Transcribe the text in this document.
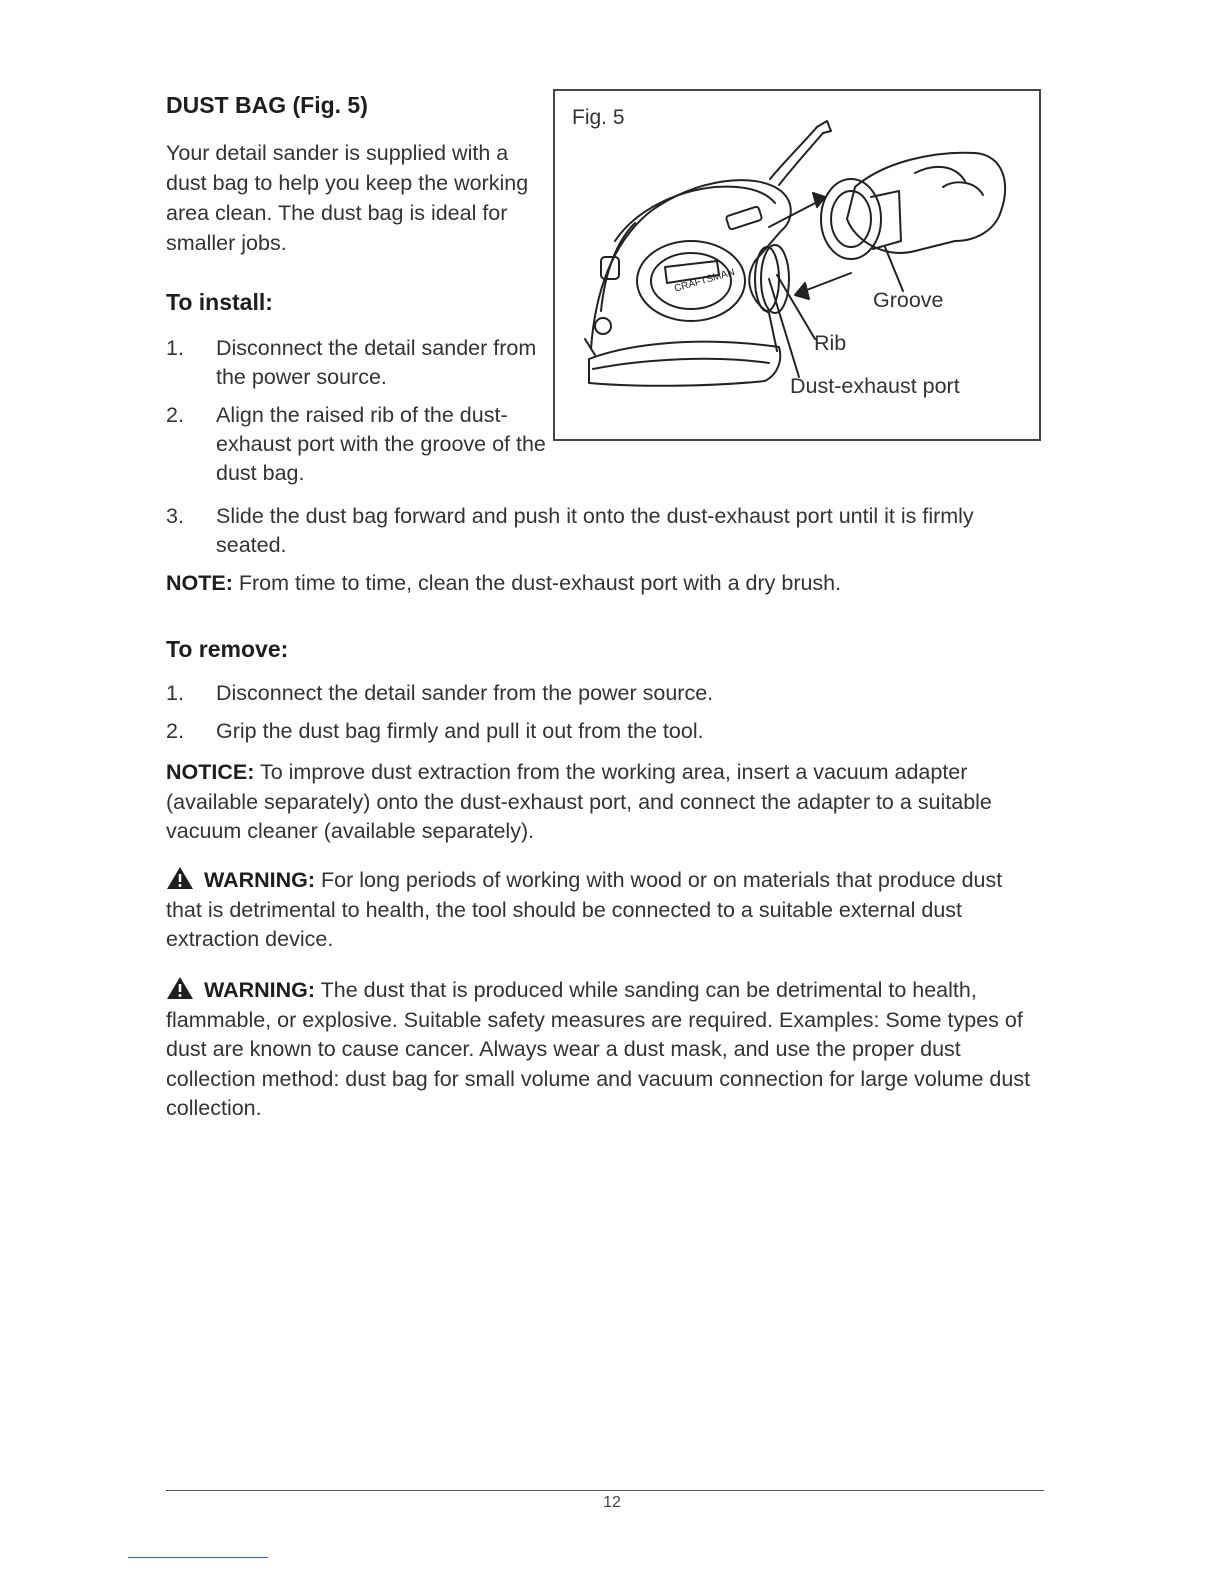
DUST BAG (Fig. 5)

Your detail sander is supplied with a dust bag to help you keep the working area clean. The dust bag is ideal for smaller jobs.

Fig. 5
CRAFTSMAN
Groove
Rib
Dust-exhaust port
To install:
1. Disconnect the detail sander from the power source.
2. Align the raised rib of the dust-exhaust port with the groove of the dust bag.
3. Slide the dust bag forward and push it onto the dust-exhaust port until it is firmly seated.

NOTE: From time to time, clean the dust-exhaust port with a dry brush.

To remove:
1. Disconnect the detail sander from the power source.
2. Grip the dust bag firmly and pull it out from the tool.

NOTICE: To improve dust extraction from the working area, insert a vacuum adapter (available separately) onto the dust-exhaust port, and connect the adapter to a suitable vacuum cleaner (available separately).

WARNING: For long periods of working with wood or on materials that produce dust that is detrimental to health, the tool should be connected to a suitable external dust extraction device.

WARNING: The dust that is produced while sanding can be detrimental to health, flammable, or explosive. Suitable safety measures are required. Examples: Some types of dust are known to cause cancer. Always wear a dust mask, and use the proper dust collection method: dust bag for small volume and vacuum connection for large volume dust collection.

12
